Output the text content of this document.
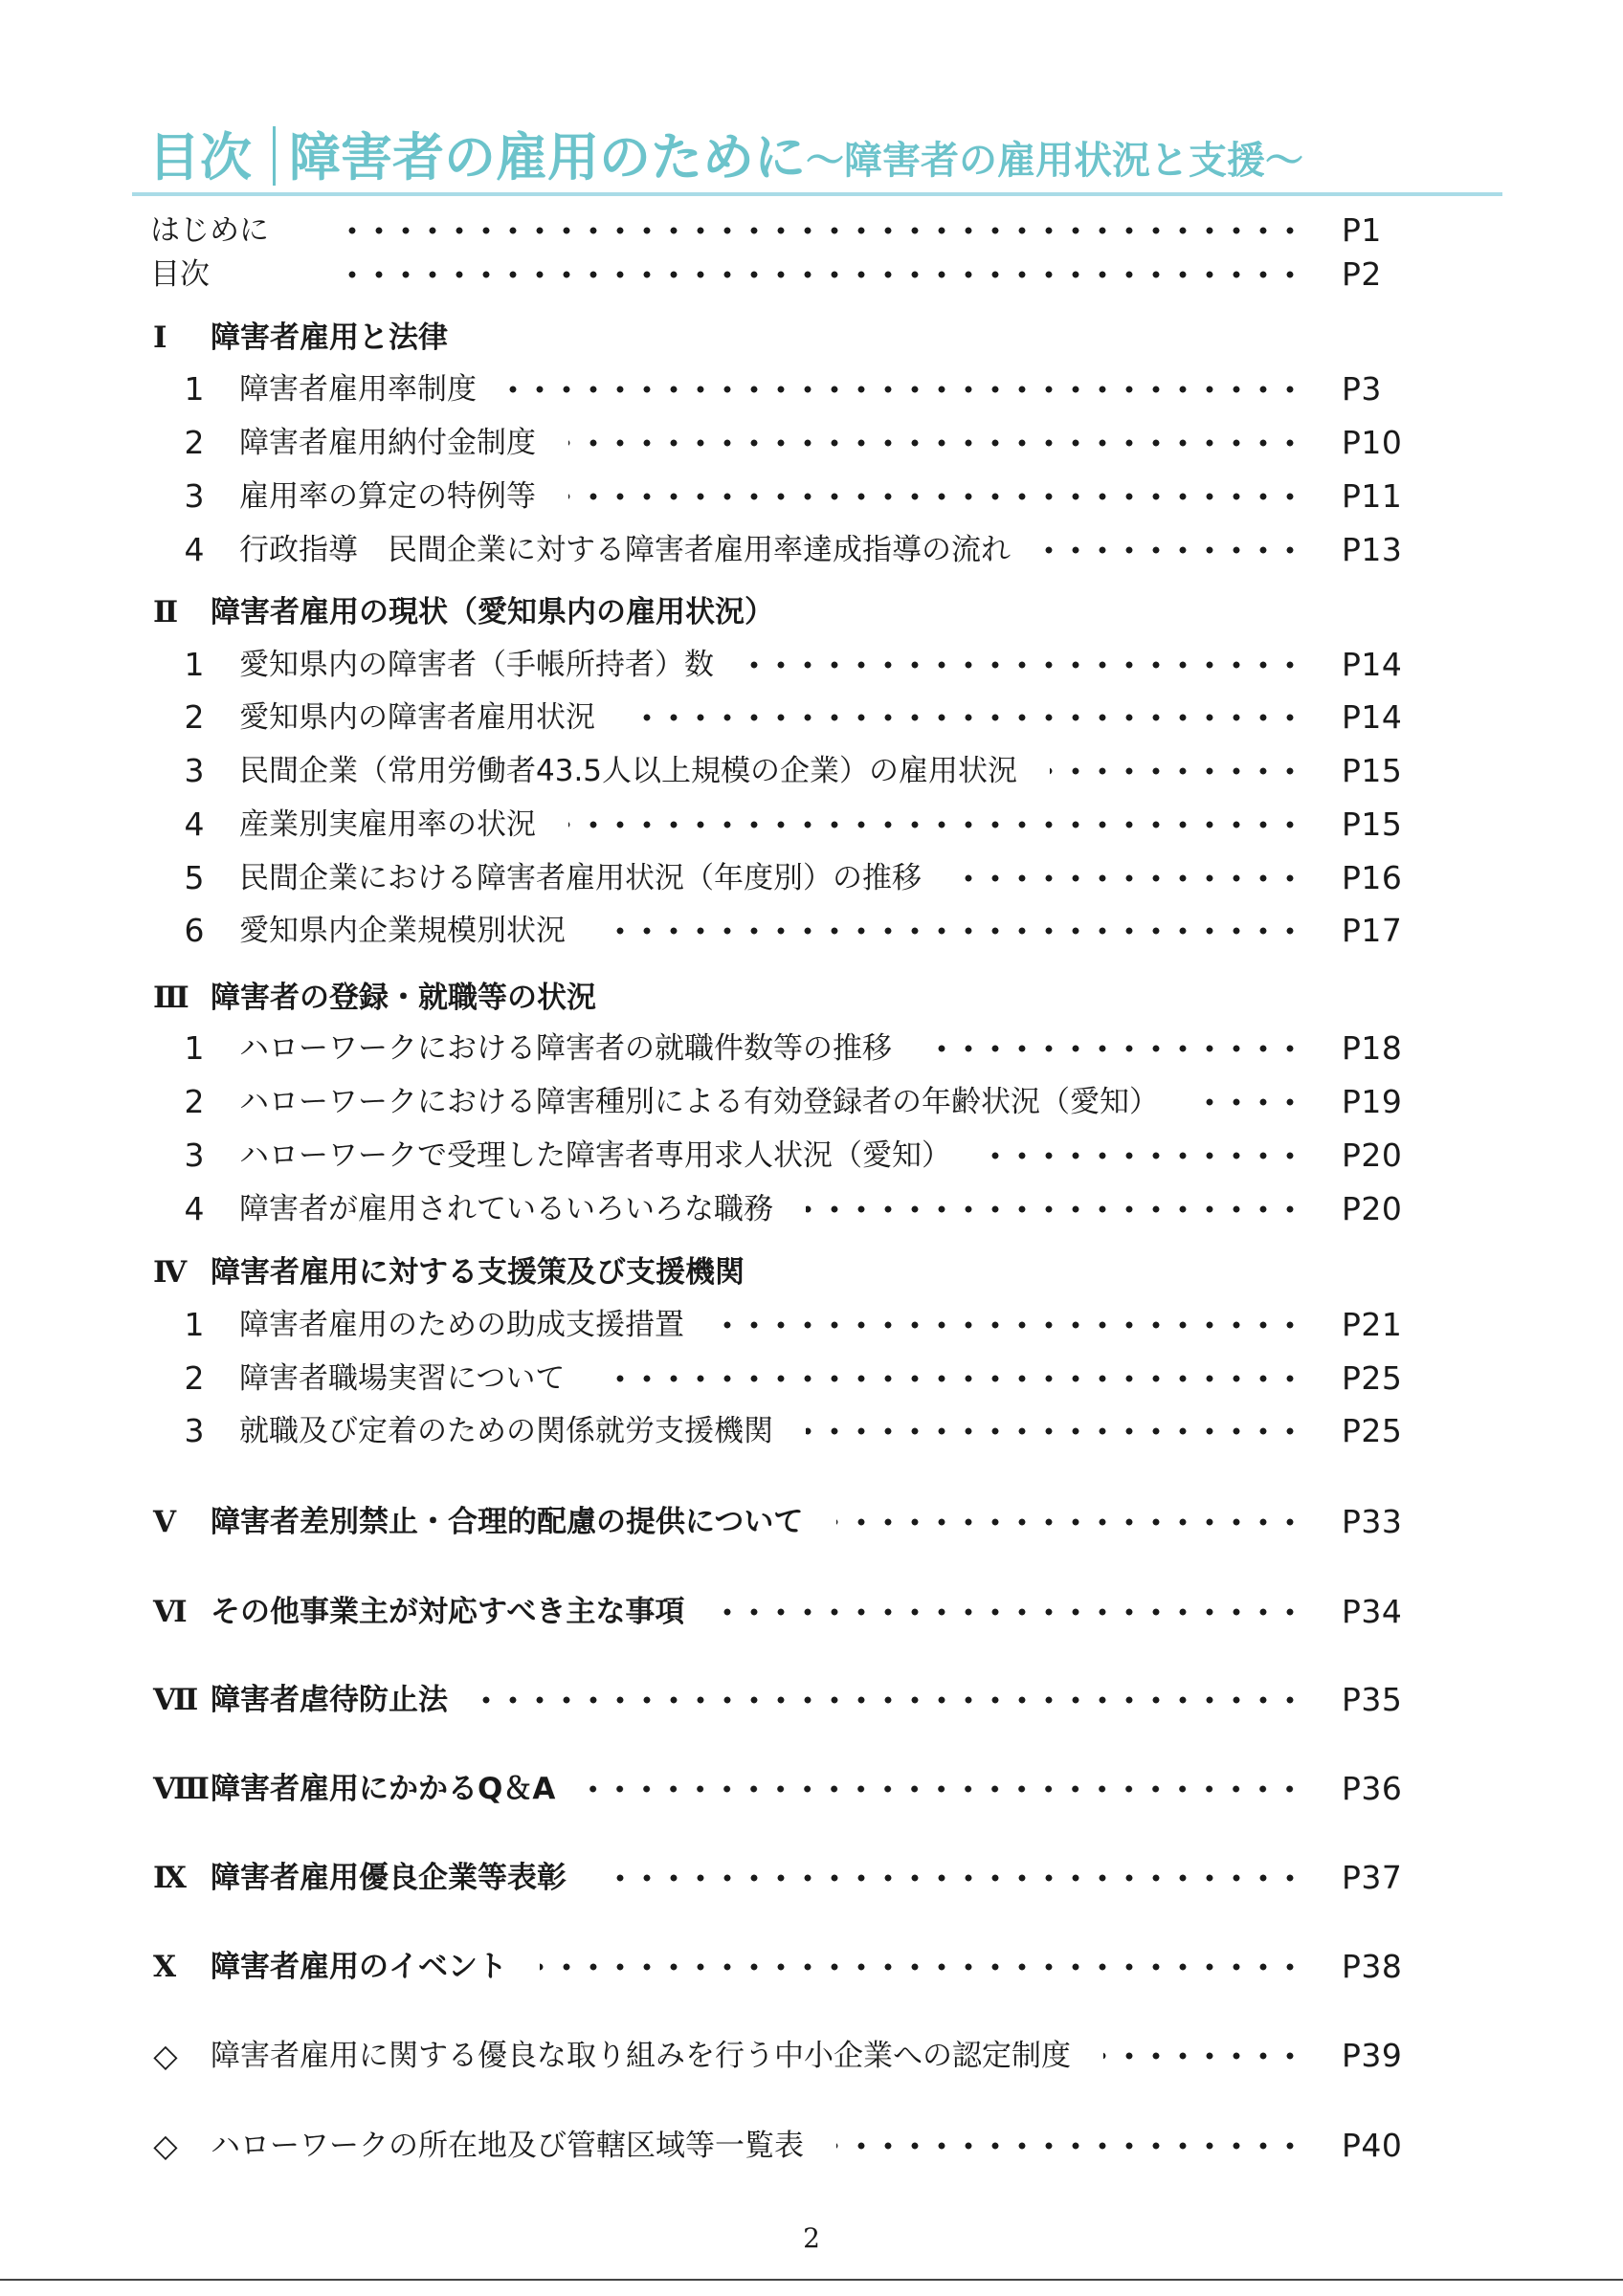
目次 障害者の雇用のために ～障害者の雇用状況と支援～
はじめに	P1
目次	P2
Ⅰ	障害者雇用と法律
1	障害者雇用率制度	P3
2	障害者雇用納付金制度	P10
3	雇用率の算定の特例等	P11
4	行政指導　民間企業に対する障害者雇用率達成指導の流れ	P13
Ⅱ	障害者雇用の現状（愛知県内の雇用状況）
1	愛知県内の障害者（手帳所持者）数	P14
2	愛知県内の障害者雇用状況	P14
3	民間企業（常用労働者43.5人以上規模の企業）の雇用状況	P15
4	産業別実雇用率の状況	P15
5	民間企業における障害者雇用状況（年度別）の推移	P16
6	愛知県内企業規模別状況	P17
Ⅲ 障害者の登録・就職等の状況
1	ハローワークにおける障害者の就職件数等の推移	P18
2	ハローワークにおける障害種別による有効登録者の年齢状況（愛知）	P19
3	ハローワークで受理した障害者専用求人状況（愛知）	P20
4	障害者が雇用されているいろいろな職務	P20
Ⅳ 障害者雇用に対する支援策及び支援機関
1	障害者雇用のための助成支援措置	P21
2	障害者職場実習について	P25
3	就職及び定着のための関係就労支援機関	P25
Ⅴ	障害者差別禁止・合理的配慮の提供について	P33
Ⅵ その他事業主が対応すべき主な事項	P34
Ⅶ 障害者虐待防止法	P35
Ⅷ 障害者雇用にかかるQ＆A	P36
Ⅸ 障害者雇用優良企業等表彰	P37
Ⅹ	障害者雇用のイベント	P38
◇ 障害者雇用に関する優良な取り組みを行う中小企業への認定制度	P39
◇ ハローワークの所在地及び管轄区域等一覧表	P40
2
